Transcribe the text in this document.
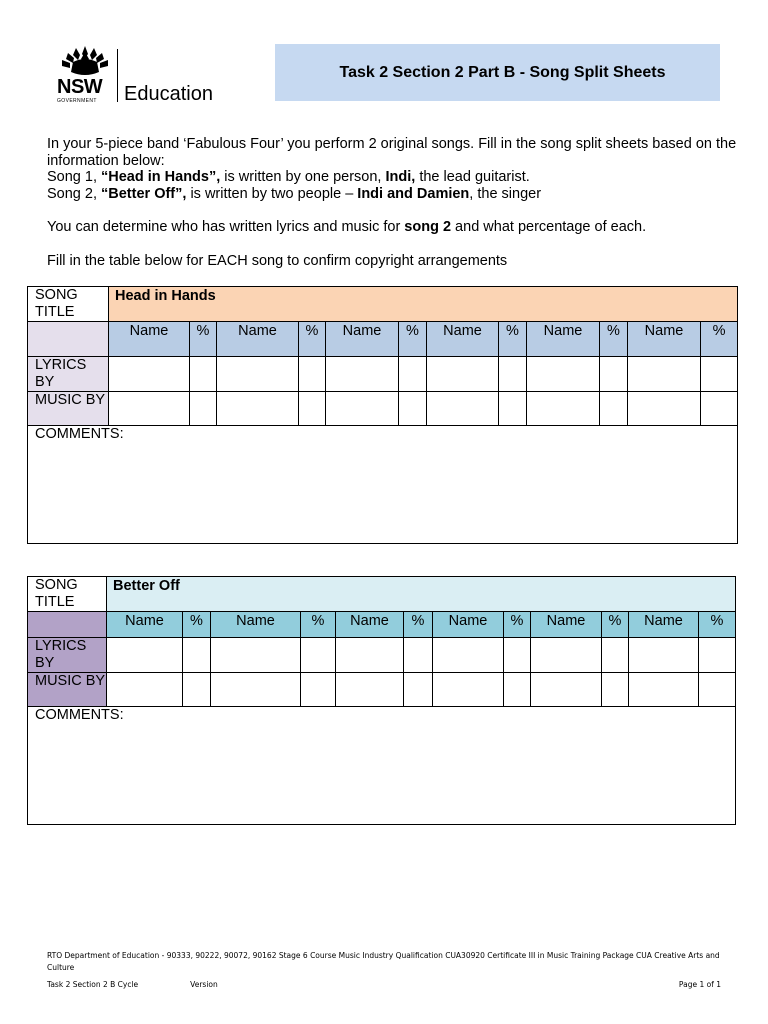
NSW
GOVERNMENT Education
Task 2 Section 2 Part B - Song Split Sheets

In your 5-piece band ‘Fabulous Four’ you perform 2 original songs. Fill in the song split sheets based on the information below:

Song 1, “Head in Hands”, is written by one person, Indi, the lead guitarist.

Song 2, “Better Off”, is written by two people – Indi and Damien, the singer

You can determine who has written lyrics and music for song 2 and what percentage of each.

Fill in the table below for EACH song to confirm copyright arrangements

SONG TITLE	Head in Hands											
	Name	%	Name	%	Name	%	Name	%	Name	%	Name	%
LYRICS BY												
MUSIC BY												
COMMENTS:												
SONG TITLE	Better Off											
	Name	%	Name	%	Name	%	Name	%	Name	%	Name	%
LYRICS BY												
MUSIC BY												
COMMENTS:												
RTO Department of Education - 90333, 90222, 90072, 90162 Stage 6 Course Music Industry Qualification CUA30920 Certificate III in Music Training Package CUA Creative Arts and Culture
Task 2 Section 2 B Cycle	Version	Page 1 of 1
